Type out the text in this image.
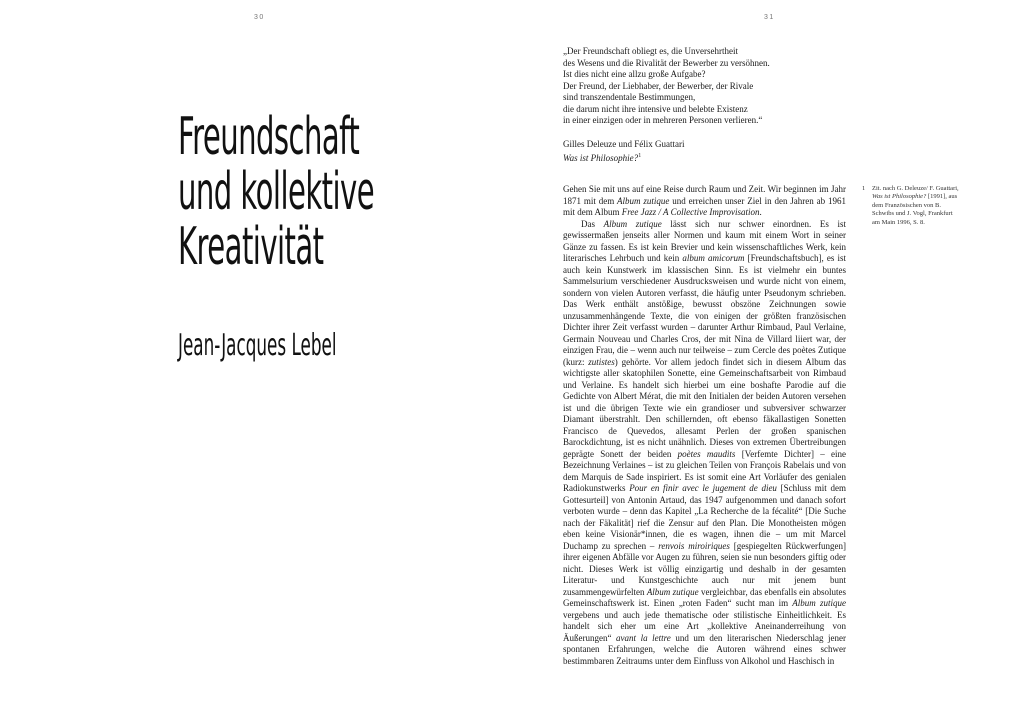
30
Freundschaft
und kollektive
Kreativität
Jean-Jacques Lebel
31
„Der Freundschaft obliegt es, die Unversehrtheit
des Wesens und die Rivalität der Bewerber zu versöhnen.
Ist dies nicht eine allzu große Aufgabe?
Der Freund, der Liebhaber, der Bewerber, der Rivale
sind transzendentale Bestimmungen,
die darum nicht ihre intensive und belebte Existenz
in einer einzigen oder in mehreren Personen verlieren.“
Gilles Deleuze und Félix Guattari
Was ist Philosophie?$^1$

Gehen Sie mit uns auf eine Reise durch Raum und Zeit. Wir beginnen im Jahr 1871 mit dem Album zutique und erreichen unser Ziel in den Jahren ab 1961 mit dem Album Free Jazz / A Collective Improvisation.

Das Album zutique lässt sich nur schwer einordnen. Es ist gewissermaßen jenseits aller Normen und kaum mit einem Wort in seiner Gänze zu fassen. Es ist kein Brevier und kein wissenschaftliches Werk, kein literarisches Lehrbuch und kein album amicorum [Freundschaftsbuch], es ist auch kein Kunstwerk im klassischen Sinn. Es ist vielmehr ein buntes Sammelsurium verschiedener Ausdrucksweisen und wurde nicht von einem, sondern von vielen Autoren verfasst, die häufig unter Pseudonym schrieben. Das Werk enthält anstößige, bewusst obszöne Zeichnungen sowie unzusammenhängende Texte, die von einigen der größten französischen Dichter ihrer Zeit verfasst wurden – darunter Arthur Rimbaud, Paul Verlaine, Germain Nouveau und Charles Cros, der mit Nina de Villard liiert war, der einzigen Frau, die – wenn auch nur teilweise – zum Cercle des poètes Zutique (kurz: zutistes) gehörte. Vor allem jedoch findet sich in diesem Album das wichtigste aller skatophilen Sonette, eine Gemeinschaftsarbeit von Rimbaud und Verlaine. Es handelt sich hierbei um eine boshafte Parodie auf die Gedichte von Albert Mérat, die mit den Initialen der beiden Autoren versehen ist und die übrigen Texte wie ein grandioser und subversiver schwarzer Diamant überstrahlt. Den schillernden, oft ebenso fäkallastigen Sonetten Francisco de Quevedos, allesamt Perlen der großen spanischen Barockdichtung, ist es nicht unähnlich. Dieses von extremen Übertreibungen geprägte Sonett der beiden poètes maudits [Verfemte Dichter] – eine Bezeichnung Verlaines – ist zu gleichen Teilen von François Rabelais und von dem Marquis de Sade inspiriert. Es ist somit eine Art Vorläufer des genialen Radiokunstwerks Pour en finir avec le jugement de dieu [Schluss mit dem Gottesurteil] von Antonin Artaud, das 1947 aufgenommen und danach sofort verboten wurde – denn das Kapitel „La Recherche de la fécalité“ [Die Suche nach der Fäkalität] rief die Zensur auf den Plan. Die Monotheisten mögen eben keine Visionär*innen, die es wagen, ihnen die – um mit Marcel Duchamp zu sprechen – renvois miroiriques [gespiegelten Rückwerfungen] ihrer eigenen Abfälle vor Augen zu führen, seien sie nun besonders giftig oder nicht. Dieses Werk ist völlig einzigartig und deshalb in der gesamten Literatur- und Kunstgeschichte auch nur mit jenem bunt zusammengewürfelten Album zutique vergleichbar, das ebenfalls ein absolutes Gemeinschaftswerk ist. Einen „roten Faden“ sucht man im Album zutique vergebens und auch jede thematische oder stilistische Einheitlichkeit. Es handelt sich eher um eine Art „kollektive Aneinanderreihung von Äußerungen“ avant la lettre und um den literarischen Niederschlag jener spontanen Erfahrungen, welche die Autoren während eines schwer bestimmbaren Zeitraums unter dem Einfluss von Alkohol und Haschisch in

1 Zit. nach G. Deleuze/ F. Guattari, Was ist Philosophie? [1991], aus dem Französischen von B. Schwibs und J. Vogl, Frankfurt am Main 1996, S. 8.
